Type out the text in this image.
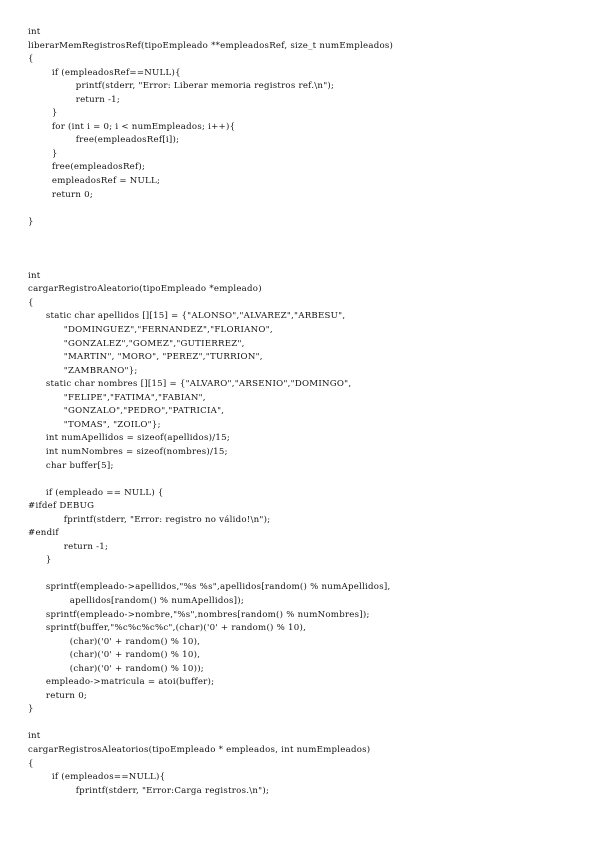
int
liberarMemRegistrosRef(tipoEmpleado **empleadosRef, size_t numEmpleados)
{
if (empleadosRef==NULL){
printf(stderr, "Error: Liberar memoria registros ref.\n");
return -1;
}
for (int i = 0; i < numEmpleados; i++){
free(empleadosRef[i]);
}
free(empleadosRef);
empleadosRef = NULL;
return 0;
}
int
cargarRegistroAleatorio(tipoEmpleado *empleado)
{
static char apellidos [][15] = {"ALONSO","ALVAREZ","ARBESU",
"DOMINGUEZ","FERNANDEZ","FLORIANO",
"GONZALEZ","GOMEZ","GUTIERREZ",
"MARTIN", "MORO", "PEREZ","TURRION",
"ZAMBRANO"};
static char nombres [][15] = {"ALVARO","ARSENIO","DOMINGO",
"FELIPE","FATIMA","FABIAN",
"GONZALO","PEDRO","PATRICIA",
"TOMAS", "ZOILO"};
int numApellidos = sizeof(apellidos)/15;
int numNombres = sizeof(nombres)/15;
char buffer[5];
if (empleado == NULL) {
#ifdef DEBUG
fprintf(stderr, "Error: registro no válido!\n");
#endif
return -1;
}
sprintf(empleado->apellidos,"%s %s",apellidos[random() % numApellidos],
apellidos[random() % numApellidos]);
sprintf(empleado->nombre,"%s",nombres[random() % numNombres]);
sprintf(buffer,"%c%c%c%c",(char)('0' + random() % 10),
(char)('0' + random() % 10),
(char)('0' + random() % 10),
(char)('0' + random() % 10));
empleado->matricula = atoi(buffer);
return 0;
}
int
cargarRegistrosAleatorios(tipoEmpleado * empleados, int numEmpleados)
{
if (empleados==NULL){
fprintf(stderr, "Error:Carga registros.\n");
